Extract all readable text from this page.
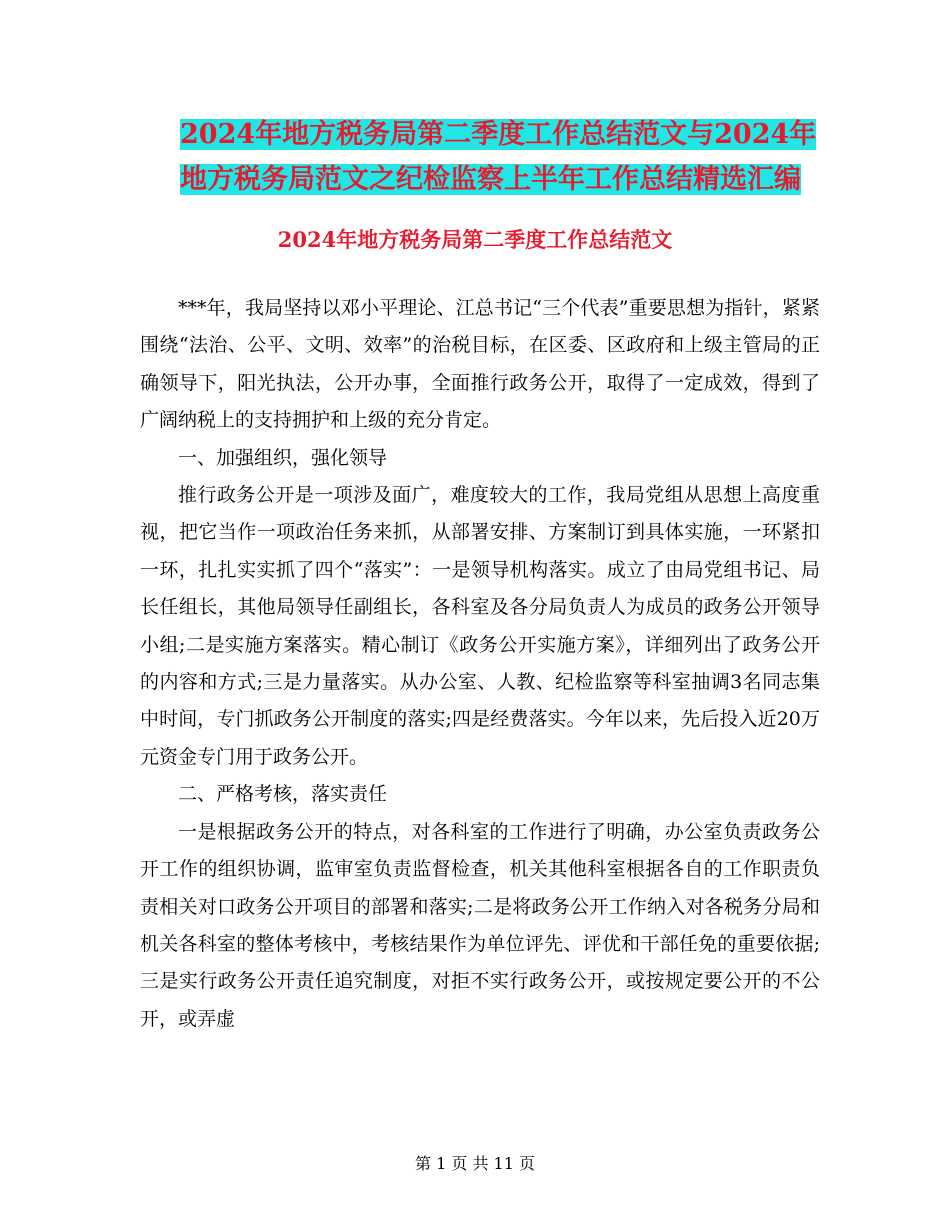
2024年地方税务局第二季度工作总结范文与2024年地方税务局范文之纪检监察上半年工作总结精选汇编
2024年地方税务局第二季度工作总结范文

***年，我局坚持以邓小平理论、江总书记“三个代表”重要思想为指针，紧紧围绕“法治、公平、文明、效率”的治税目标，在区委、区政府和上级主管局的正确领导下，阳光执法，公开办事，全面推行政务公开，取得了一定成效，得到了广阔纳税上的支持拥护和上级的充分肯定。

一、加强组织，强化领导

推行政务公开是一项涉及面广，难度较大的工作，我局党组从思想上高度重视，把它当作一项政治任务来抓，从部署安排、方案制订到具体实施，一环紧扣一环，扎扎实实抓了四个“落实”：一是领导机构落实。成立了由局党组书记、局长任组长，其他局领导任副组长，各科室及各分局负责人为成员的政务公开领导小组;二是实施方案落实。精心制订《政务公开实施方案》，详细列出了政务公开的内容和方式;三是力量落实。从办公室、人教、纪检监察等科室抽调3名同志集中时间，专门抓政务公开制度的落实;四是经费落实。今年以来，先后投入近20万元资金专门用于政务公开。

二、严格考核，落实责任

一是根据政务公开的特点，对各科室的工作进行了明确，办公室负责政务公开工作的组织协调，监审室负责监督检查，机关其他科室根据各自的工作职责负责相关对口政务公开项目的部署和落实;二是将政务公开工作纳入对各税务分局和机关各科室的整体考核中，考核结果作为单位评先、评优和干部任免的重要依据;三是实行政务公开责任追究制度，对拒不实行政务公开，或按规定要公开的不公开，或弄虚

第 1 页 共 11 页
